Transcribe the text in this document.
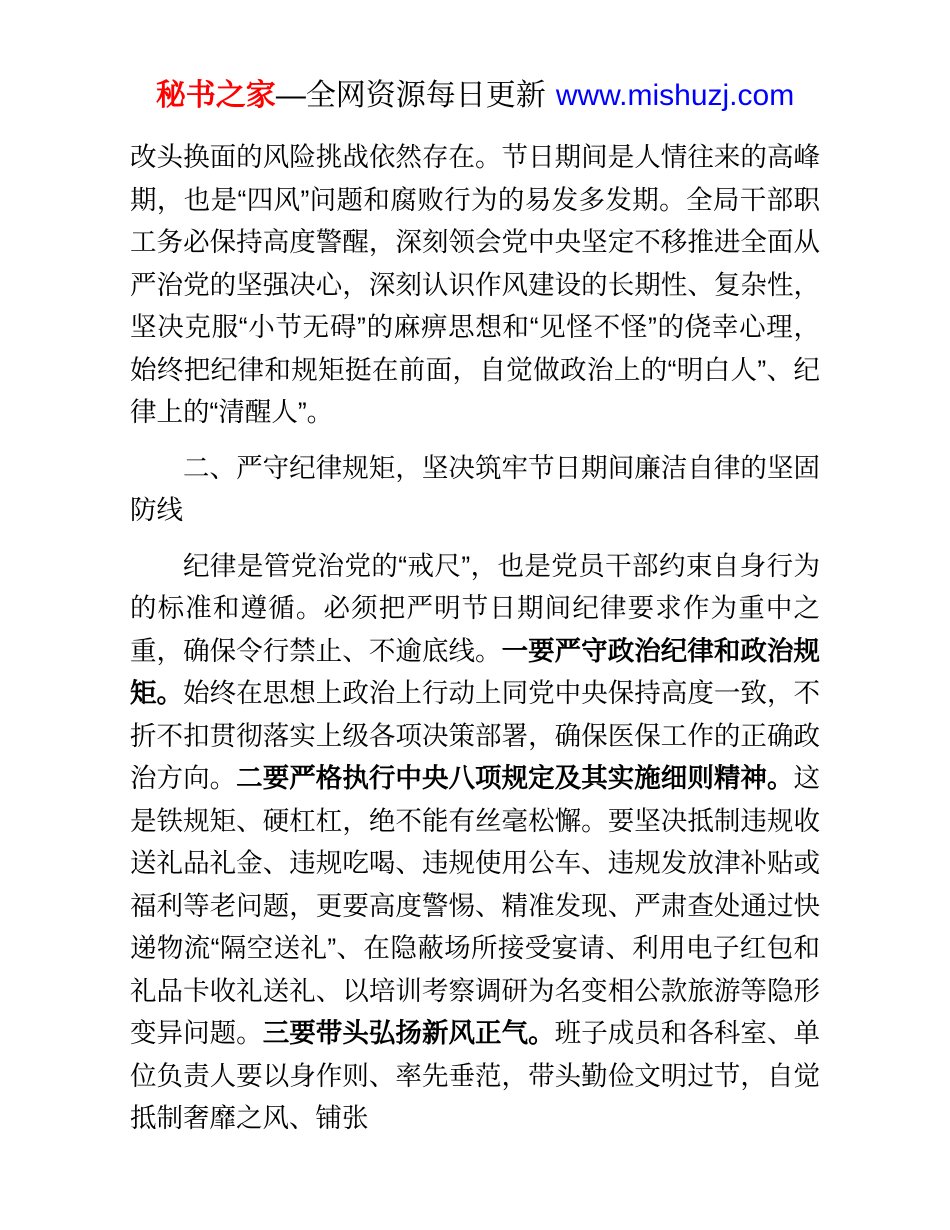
秘书之家—全网资源每日更新 www.mishuzj.com

改头换面的风险挑战依然存在。节日期间是人情往来的高峰期，也是“四风”问题和腐败行为的易发多发期。全局干部职工务必保持高度警醒，深刻领会党中央坚定不移推进全面从严治党的坚强决心，深刻认识作风建设的长期性、复杂性，坚决克服“小节无碍”的麻痹思想和“见怪不怪”的侥幸心理，始终把纪律和规矩挺在前面，自觉做政治上的“明白人”、纪律上的“清醒人”。

二、严守纪律规矩，坚决筑牢节日期间廉洁自律的坚固防线

纪律是管党治党的“戒尺”，也是党员干部约束自身行为的标准和遵循。必须把严明节日期间纪律要求作为重中之重，确保令行禁止、不逾底线。一要严守政治纪律和政治规矩。始终在思想上政治上行动上同党中央保持高度一致，不折不扣贯彻落实上级各项决策部署，确保医保工作的正确政治方向。二要严格执行中央八项规定及其实施细则精神。这是铁规矩、硬杠杠，绝不能有丝毫松懈。要坚决抵制违规收送礼品礼金、违规吃喝、违规使用公车、违规发放津补贴或福利等老问题，更要高度警惕、精准发现、严肃查处通过快递物流“隔空送礼”、在隐蔽场所接受宴请、利用电子红包和礼品卡收礼送礼、以培训考察调研为名变相公款旅游等隐形变异问题。三要带头弘扬新风正气。班子成员和各科室、单位负责人要以身作则、率先垂范，带头勤俭文明过节，自觉抵制奢靡之风、铺张
